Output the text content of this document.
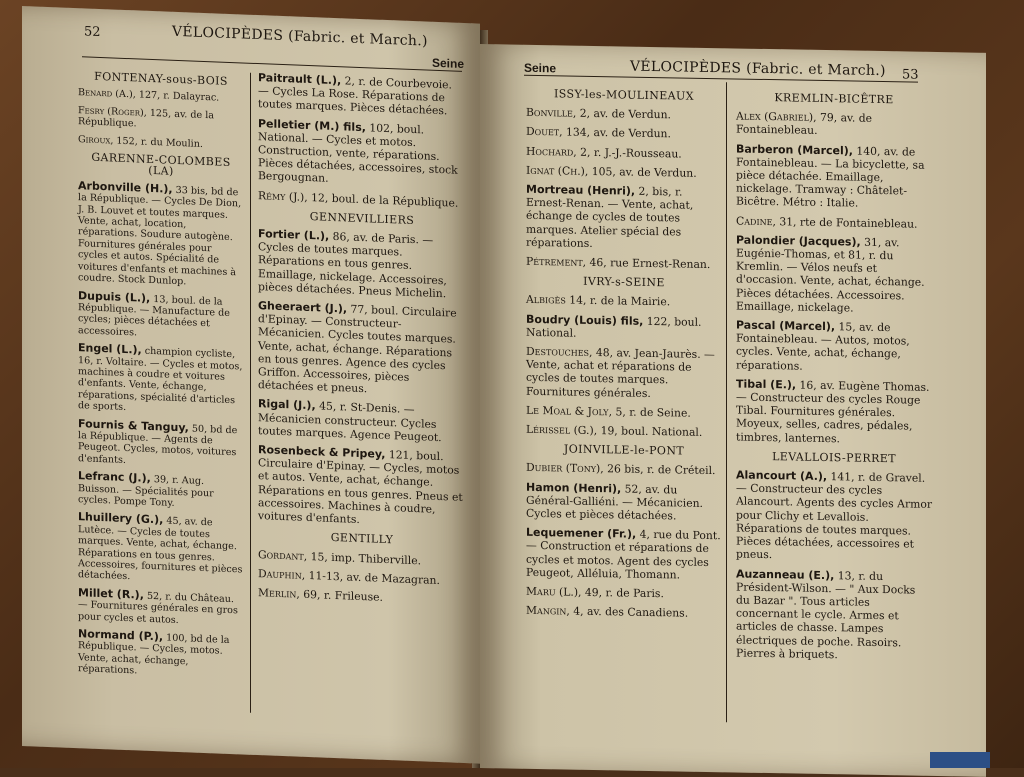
52	VÉLOCIPÈDES (Fabric. et March.)
Seine
FONTENAY-sous-BOIS
Benard (A.), 127, r. Dalayrac.
Fesry (Roger), 125, av. de la République.
Giroux, 152, r. du Moulin.
GARENNE-COLOMBES (LA)
Arbonville (H.), 33 bis, bd de la République. — Cycles De Dion, J. B. Louvet et toutes marques. Vente, achat, location, réparations. Soudure autogène. Fournitures générales pour cycles et autos. Spécialité de voitures d'enfants et machines à coudre. Stock Dunlop.
Dupuis (L.), 13, boul. de la République. — Manufacture de cycles; pièces détachées et accessoires.
Engel (L.), champion cycliste, 16, r. Voltaire. — Cycles et motos, machines à coudre et voitures d'enfants. Vente, échange, réparations, spécialité d'articles de sports.
Fournis & Tanguy, 50, bd de la République. — Agents de Peugeot. Cycles, motos, voitures d'enfants.
Lefranc (J.), 39, r. Aug. Buisson. — Spécialités pour cycles. Pompe Tony.
Lhuillery (G.), 45, av. de Lutèce. — Cycles de toutes marques. Vente, achat, échange. Réparations en tous genres. Accessoires, fournitures et pièces détachées.
Millet (R.), 52, r. du Château. — Fournitures générales en gros pour cycles et autos.
Normand (P.), 100, bd de la République. — Cycles, motos. Vente, achat, échange, réparations.
Paitrault (L.), 2, r. de Courbevoie. — Cycles La Rose. Réparations de toutes marques. Pièces détachées.
Pelletier (M.) fils, 102, boul. National. — Cycles et motos. Construction, vente, réparations. Pièces détachées, accessoires, stock Bergougnan.
Rémy (J.), 12, boul. de la République.
GENNEVILLIERS
Fortier (L.), 86, av. de Paris. — Cycles de toutes marques. Réparations en tous genres. Emaillage, nickelage. Accessoires, pièces détachées. Pneus Michelin.
Gheeraert (J.), 77, boul. Circulaire d'Epinay. — Constructeur-Mécanicien. Cycles toutes marques. Vente, achat, échange. Réparations en tous genres. Agence des cycles Griffon. Accessoires, pièces détachées et pneus.
Rigal (J.), 45, r. St-Denis. — Mécanicien constructeur. Cycles toutes marques. Agence Peugeot.
Rosenbeck & Pripey, 121, boul. Circulaire d'Epinay. — Cycles, motos et autos. Vente, achat, échange. Réparations en tous genres. Pneus et accessoires. Machines à coudre, voitures d'enfants.
GENTILLY
Gordant, 15, imp. Thiberville.
Dauphin, 11-13, av. de Mazagran.
Merlin, 69, r. Frileuse.
Seine	VÉLOCIPÈDES (Fabric. et March.) 53
ISSY-les-MOULINEAUX
Bonville, 2, av. de Verdun.
Douet, 134, av. de Verdun.
Hochard, 2, r. J.-J.-Rousseau.
Ignat (Ch.), 105, av. de Verdun.
Mortreau (Henri), 2, bis, r. Ernest-Renan. — Vente, achat, échange de cycles de toutes marques. Atelier spécial des réparations.
Pétrement, 46, rue Ernest-Renan.
IVRY-s-SEINE
Albigès 14, r. de la Mairie.
Boudry (Louis) fils, 122, boul. National.
Destouches, 48, av. Jean-Jaurès. — Vente, achat et réparations de cycles de toutes marques. Fournitures générales.
Le Moal & Joly, 5, r. de Seine.
Lérissel (G.), 19, boul. National.
JOINVILLE-le-PONT
Dubier (Tony), 26 bis, r. de Créteil.
Hamon (Henri), 52, av. du Général-Galliéni. — Mécanicien. Cycles et pièces détachées.
Lequemener (Fr.), 4, rue du Pont. — Construction et réparations de cycles et motos. Agent des cycles Peugeot, Alléluia, Thomann.
Maru (L.), 49, r. de Paris.
Mangin, 4, av. des Canadiens.
KREMLIN-BICÊTRE
Alex (Gabriel), 79, av. de Fontainebleau.
Barberon (Marcel), 140, av. de Fontainebleau. — La bicyclette, sa pièce détachée. Emaillage, nickelage. Tramway : Châtelet-Bicêtre. Métro : Italie.
Cadine, 31, rte de Fontainebleau.
Palondier (Jacques), 31, av. Eugénie-Thomas, et 81, r. du Kremlin. — Vélos neufs et d'occasion. Vente, achat, échange. Pièces détachées. Accessoires. Emaillage, nickelage.
Pascal (Marcel), 15, av. de Fontainebleau. — Autos, motos, cycles. Vente, achat, échange, réparations.
Tibal (E.), 16, av. Eugène Thomas. — Constructeur des cycles Rouge Tibal. Fournitures générales. Moyeux, selles, cadres, pédales, timbres, lanternes.
LEVALLOIS-PERRET
Alancourt (A.), 141, r. de Gravel. — Constructeur des cycles Alancourt. Agents des cycles Armor pour Clichy et Levallois. Réparations de toutes marques. Pièces détachées, accessoires et pneus.
Auzanneau (E.), 13, r. du Président-Wilson. — " Aux Docks du Bazar ". Tous articles concernant le cycle. Armes et articles de chasse. Lampes électriques de poche. Rasoirs. Pierres à briquets.
